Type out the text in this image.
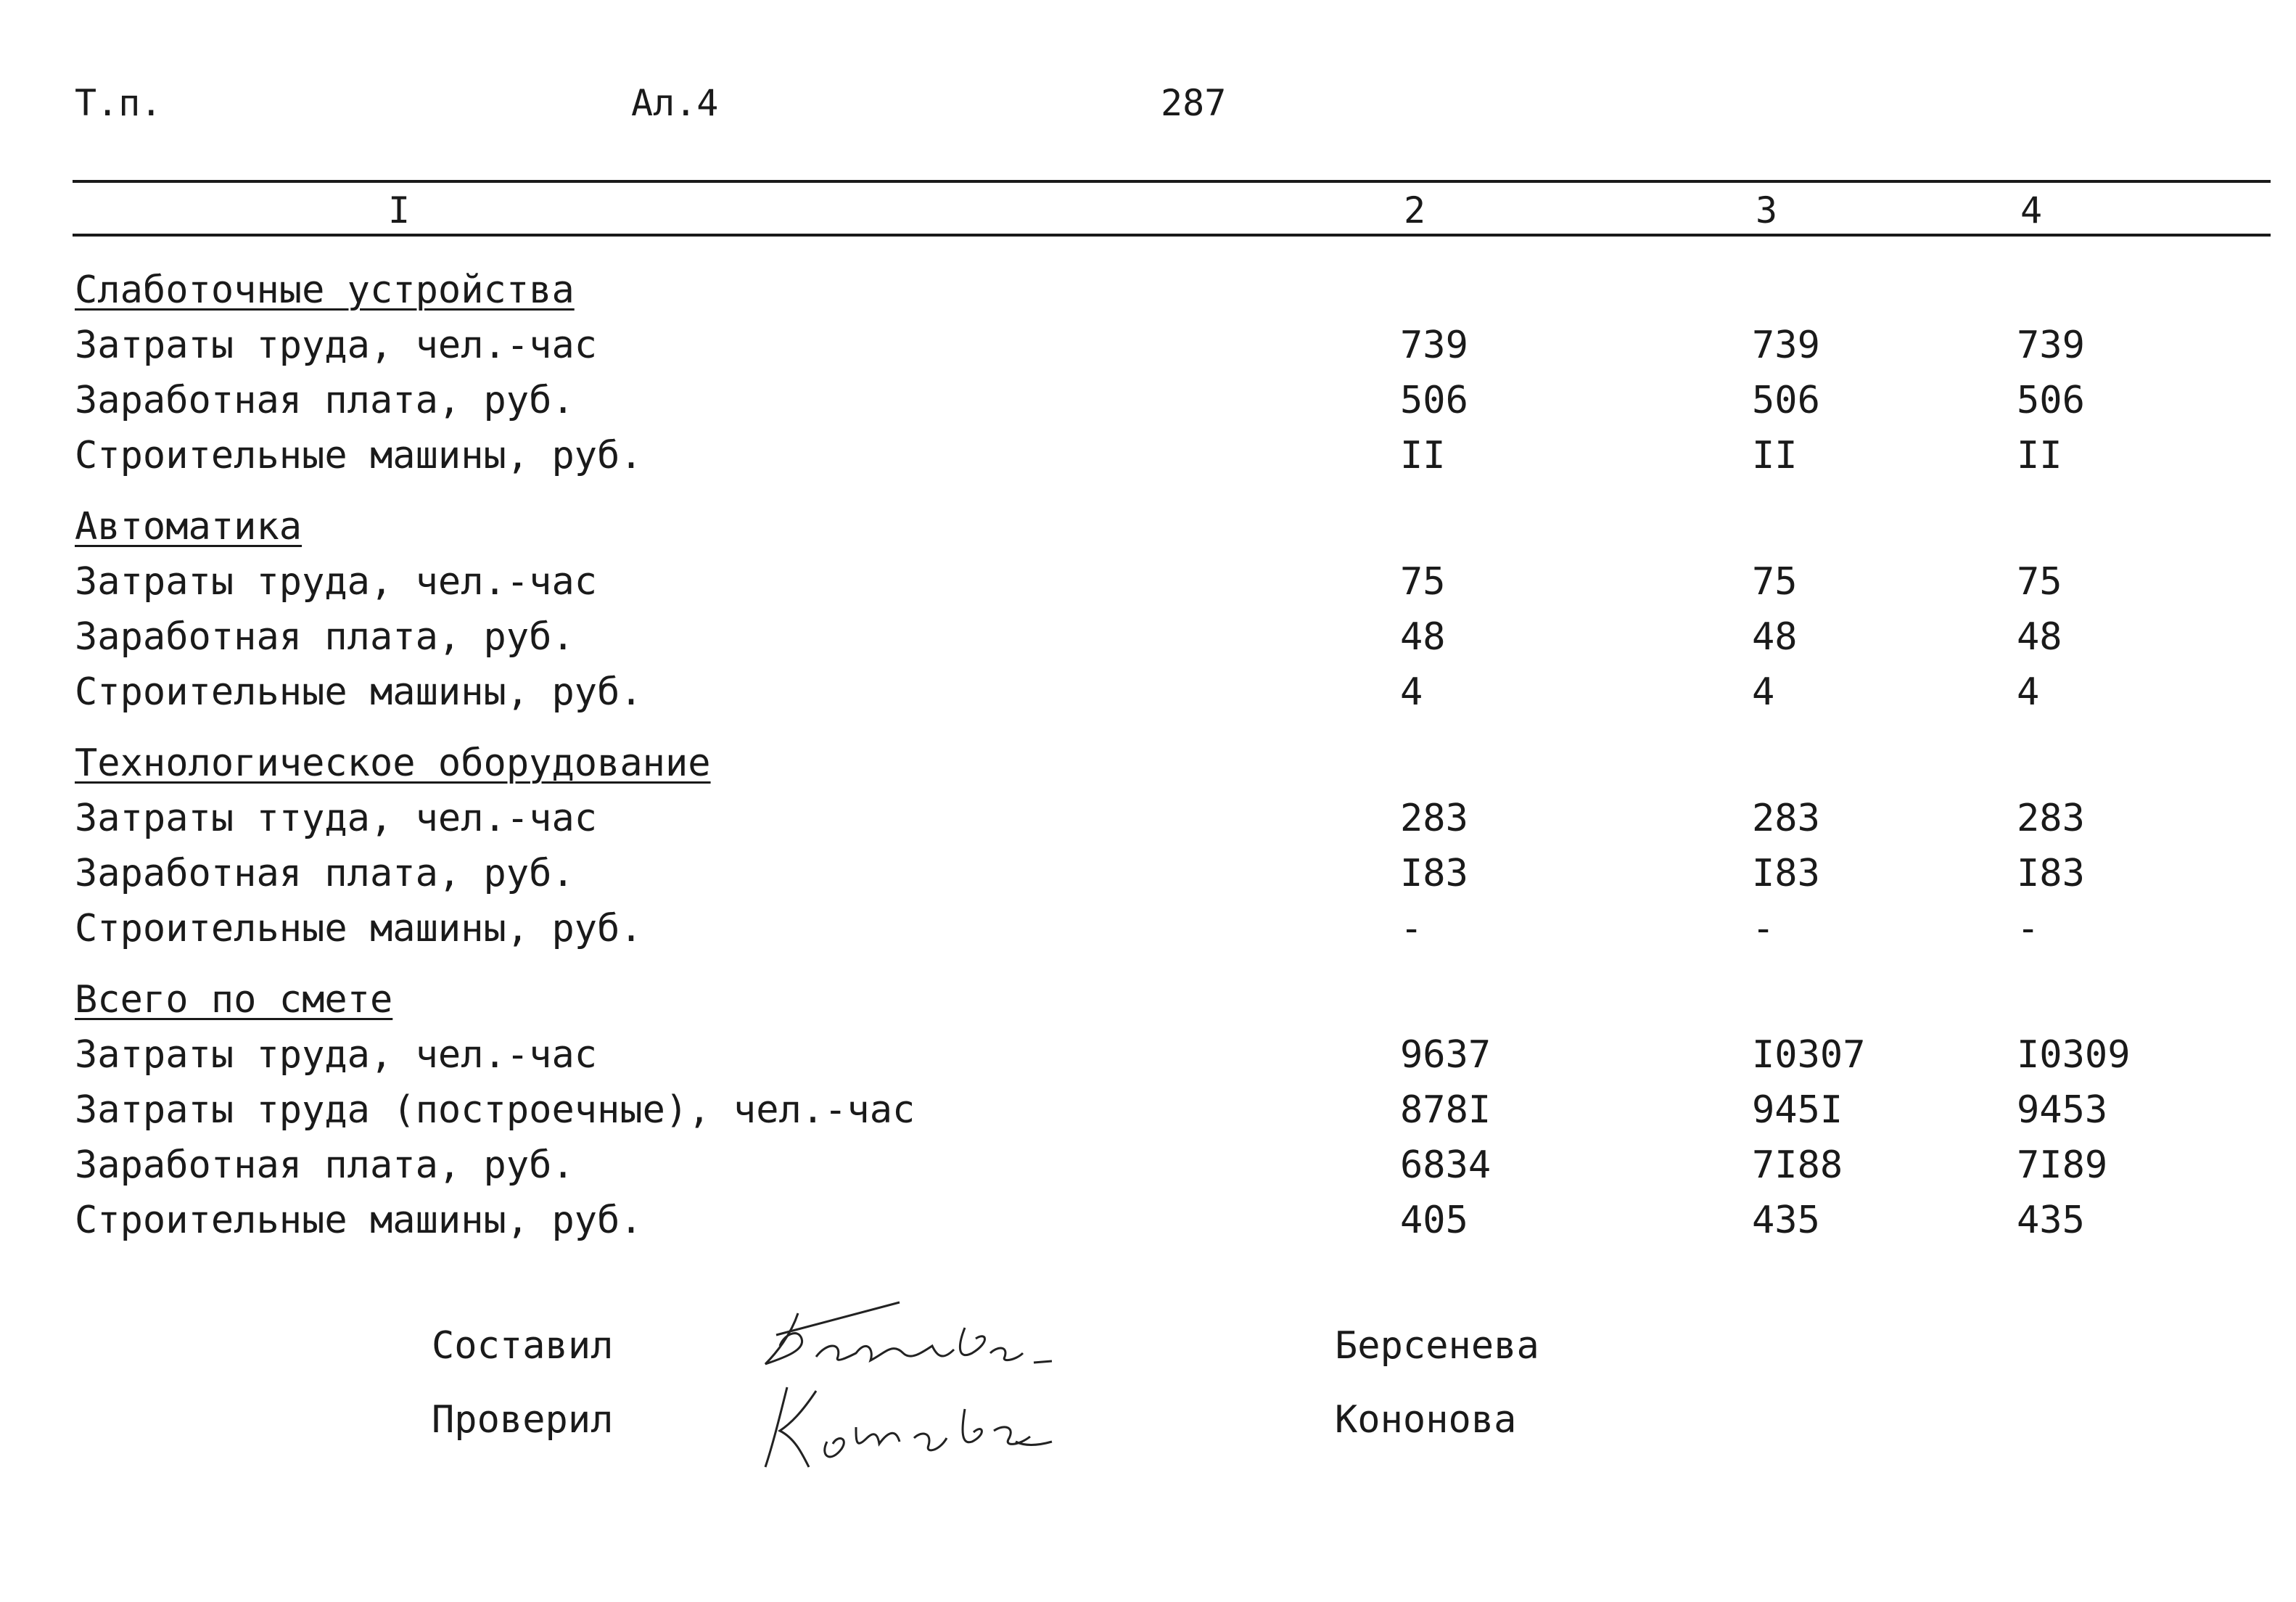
Т.п.	Ал.4	287
I	2	3	4
Слаботочные устройства
Затраты труда, чел.-час	739	739	739
Заработная плата, руб.	506	506	506
Строительные машины, руб.	II	II	II
Автоматика
Затраты труда, чел.-час	75	75	75
Заработная плата, руб.	48	48	48
Строительные машины, руб.	4	4	4
Технологическое оборудование
Затраты ттуда, чел.-час	283	283	283
Заработная плата, руб.	I83	I83	I83
Строительные машины, руб.	-	-	-
Всего по смете
Затраты труда, чел.-час	9637	I0307	I0309
Затраты труда (построечные), чел.-час	878I	945I	9453
Заработная плата, руб.	6834	7I88	7I89
Строительные машины, руб.	405	435	435
Составил	Берсенева
Проверил	Кононова
